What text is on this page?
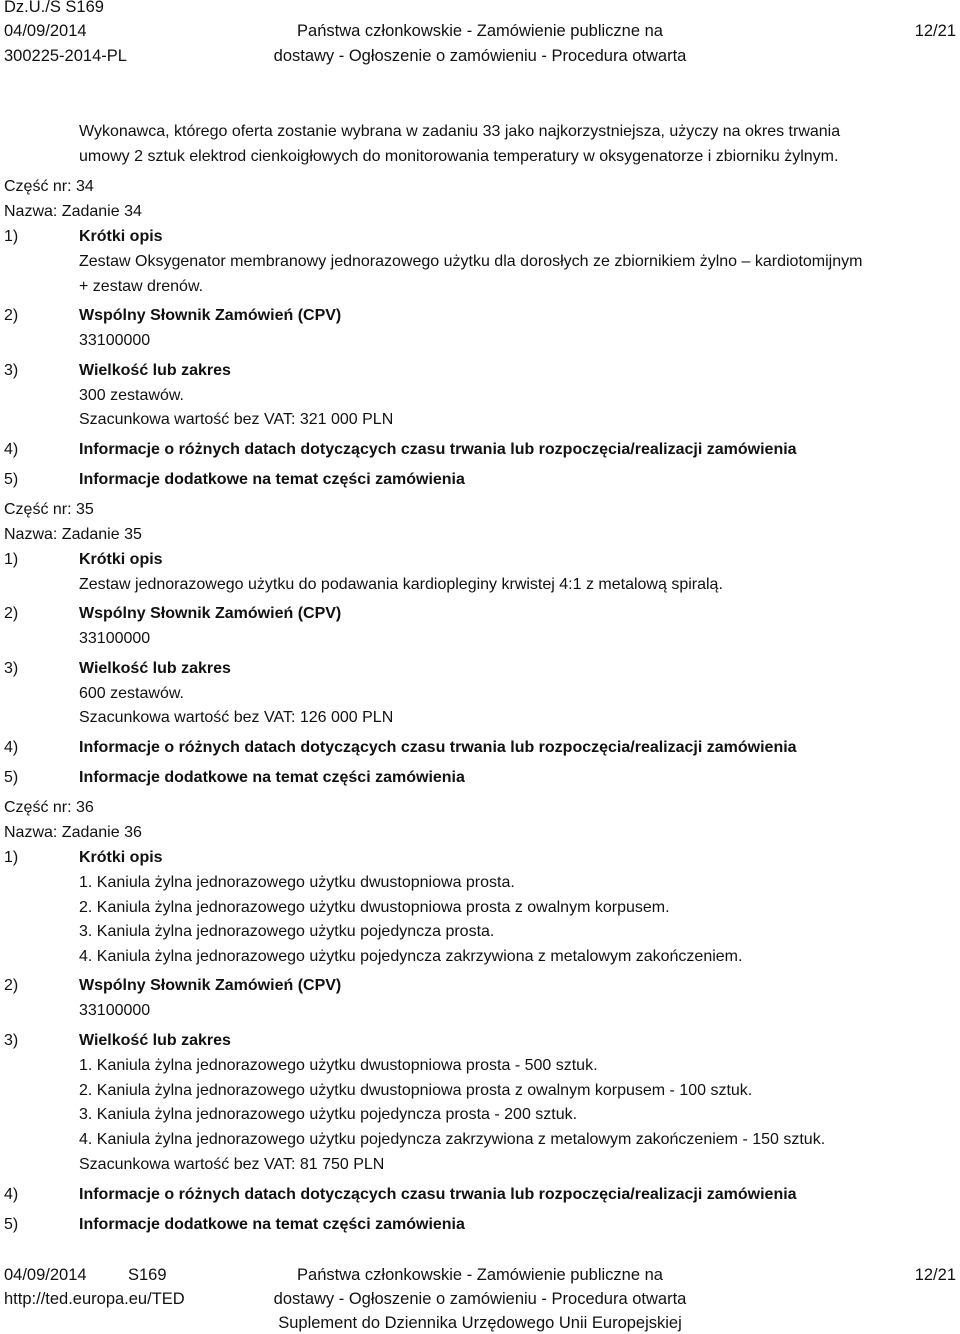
Dz.U./S S169
04/09/2014
300225-2014-PL
Państwa członkowskie - Zamówienie publiczne na
dostawy - Ogłoszenie o zamówieniu - Procedura otwarta
12/21
Wykonawca, którego oferta zostanie wybrana w zadaniu 33 jako najkorzystniejsza, użyczy na okres trwania
umowy 2 sztuk elektrod cienkoigłowych do monitorowania temperatury w oksygenatorze i zbiorniku żylnym.
Część nr: 34
Nazwa: Zadanie 34
1)	Krótki opis
Zestaw Oksygenator membranowy jednorazowego użytku dla dorosłych ze zbiornikiem żylno – kardiotomijnym
+ zestaw drenów.
2)	Wspólny Słownik Zamówień (CPV)
33100000
3)	Wielkość lub zakres
300 zestawów.
Szacunkowa wartość bez VAT: 321 000 PLN
4)	Informacje o różnych datach dotyczących czasu trwania lub rozpoczęcia/realizacji zamówienia
5)	Informacje dodatkowe na temat części zamówienia
Część nr: 35
Nazwa: Zadanie 35
1)	Krótki opis
Zestaw jednorazowego użytku do podawania kardiopleginy krwistej 4:1 z metalową spiralą.
2)	Wspólny Słownik Zamówień (CPV)
33100000
3)	Wielkość lub zakres
600 zestawów.
Szacunkowa wartość bez VAT: 126 000 PLN
4)	Informacje o różnych datach dotyczących czasu trwania lub rozpoczęcia/realizacji zamówienia
5)	Informacje dodatkowe na temat części zamówienia
Część nr: 36
Nazwa: Zadanie 36
1)	Krótki opis
1. Kaniula żylna jednorazowego użytku dwustopniowa prosta.
2. Kaniula żylna jednorazowego użytku dwustopniowa prosta z owalnym korpusem.
3. Kaniula żylna jednorazowego użytku pojedyncza prosta.
4. Kaniula żylna jednorazowego użytku pojedyncza zakrzywiona z metalowym zakończeniem.
2)	Wspólny Słownik Zamówień (CPV)
33100000
3)	Wielkość lub zakres
1. Kaniula żylna jednorazowego użytku dwustopniowa prosta - 500 sztuk.
2. Kaniula żylna jednorazowego użytku dwustopniowa prosta z owalnym korpusem - 100 sztuk.
3. Kaniula żylna jednorazowego użytku pojedyncza prosta - 200 sztuk.
4. Kaniula żylna jednorazowego użytku pojedyncza zakrzywiona z metalowym zakończeniem - 150 sztuk.
Szacunkowa wartość bez VAT: 81 750 PLN
4)	Informacje o różnych datach dotyczących czasu trwania lub rozpoczęcia/realizacji zamówienia
5)	Informacje dodatkowe na temat części zamówienia
04/09/2014	S169
http://ted.europa.eu/TED
Państwa członkowskie - Zamówienie publiczne na
dostawy - Ogłoszenie o zamówieniu - Procedura otwarta
Suplement do Dziennika Urzędowego Unii Europejskiej
12/21
